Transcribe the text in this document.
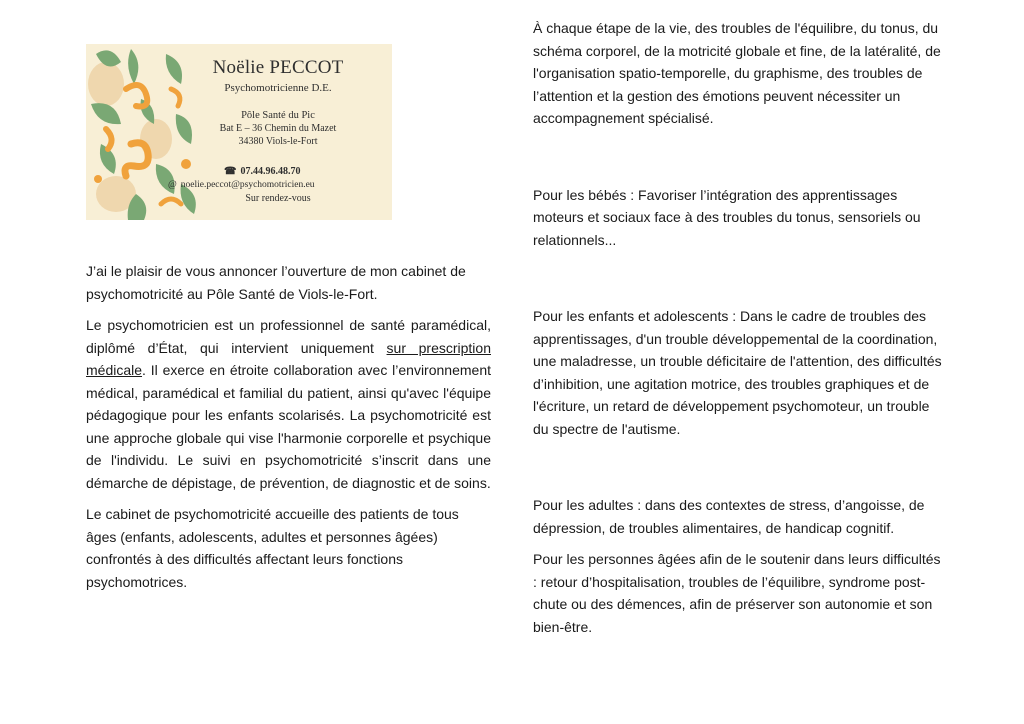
Noëlie PECCOT
Psychomotricienne D.E.
Pôle Santé du Pic
Bat E – 36 Chemin du Mazet
34380 Viols-le-Fort
☎ 07.44.96.48.70
@ noelie.peccot@psychomotricien.eu
Sur rendez-vous

J’ai le plaisir de vous annoncer l’ouverture de mon cabinet de psychomotricité au Pôle Santé de Viols-le-Fort.

Le psychomotricien est un professionnel de santé paramédical, diplômé d’État, qui intervient uniquement sur prescription médicale. Il exerce en étroite collaboration avec l’environnement médical, paramédical et familial du patient, ainsi qu'avec l'équipe pédagogique pour les enfants scolarisés. La psychomotricité est une approche globale qui vise l'harmonie corporelle et psychique de l'individu. Le suivi en psychomotricité s’inscrit dans une démarche de dépistage, de prévention, de diagnostic et de soins.

Le cabinet de psychomotricité accueille des patients de tous âges (enfants, adolescents, adultes et personnes âgées) confrontés à des difficultés affectant leurs fonctions psychomotrices.

À chaque étape de la vie, des troubles de l'équilibre, du tonus, du schéma corporel, de la motricité globale et fine, de la latéralité, de l'organisation spatio-temporelle, du graphisme, des troubles de l’attention et la gestion des émotions peuvent nécessiter un accompagnement spécialisé.

Pour les bébés : Favoriser l’intégration des apprentissages moteurs et sociaux face à des troubles du tonus, sensoriels ou relationnels...

Pour les enfants et adolescents : Dans le cadre de troubles des apprentissages, d'un trouble développemental de la coordination, une maladresse, un trouble déficitaire de l'attention, des difficultés d’inhibition, une agitation motrice, des troubles graphiques et de l'écriture, un retard de développement psychomoteur, un trouble du spectre de l'autisme.

Pour les adultes : dans des contextes de stress, d’angoisse, de dépression, de troubles alimentaires, de handicap cognitif.

Pour les personnes âgées afin de le soutenir dans leurs difficultés : retour d’hospitalisation, troubles de l’équilibre, syndrome post-chute ou des démences, afin de préserver son autonomie et son bien-être.
